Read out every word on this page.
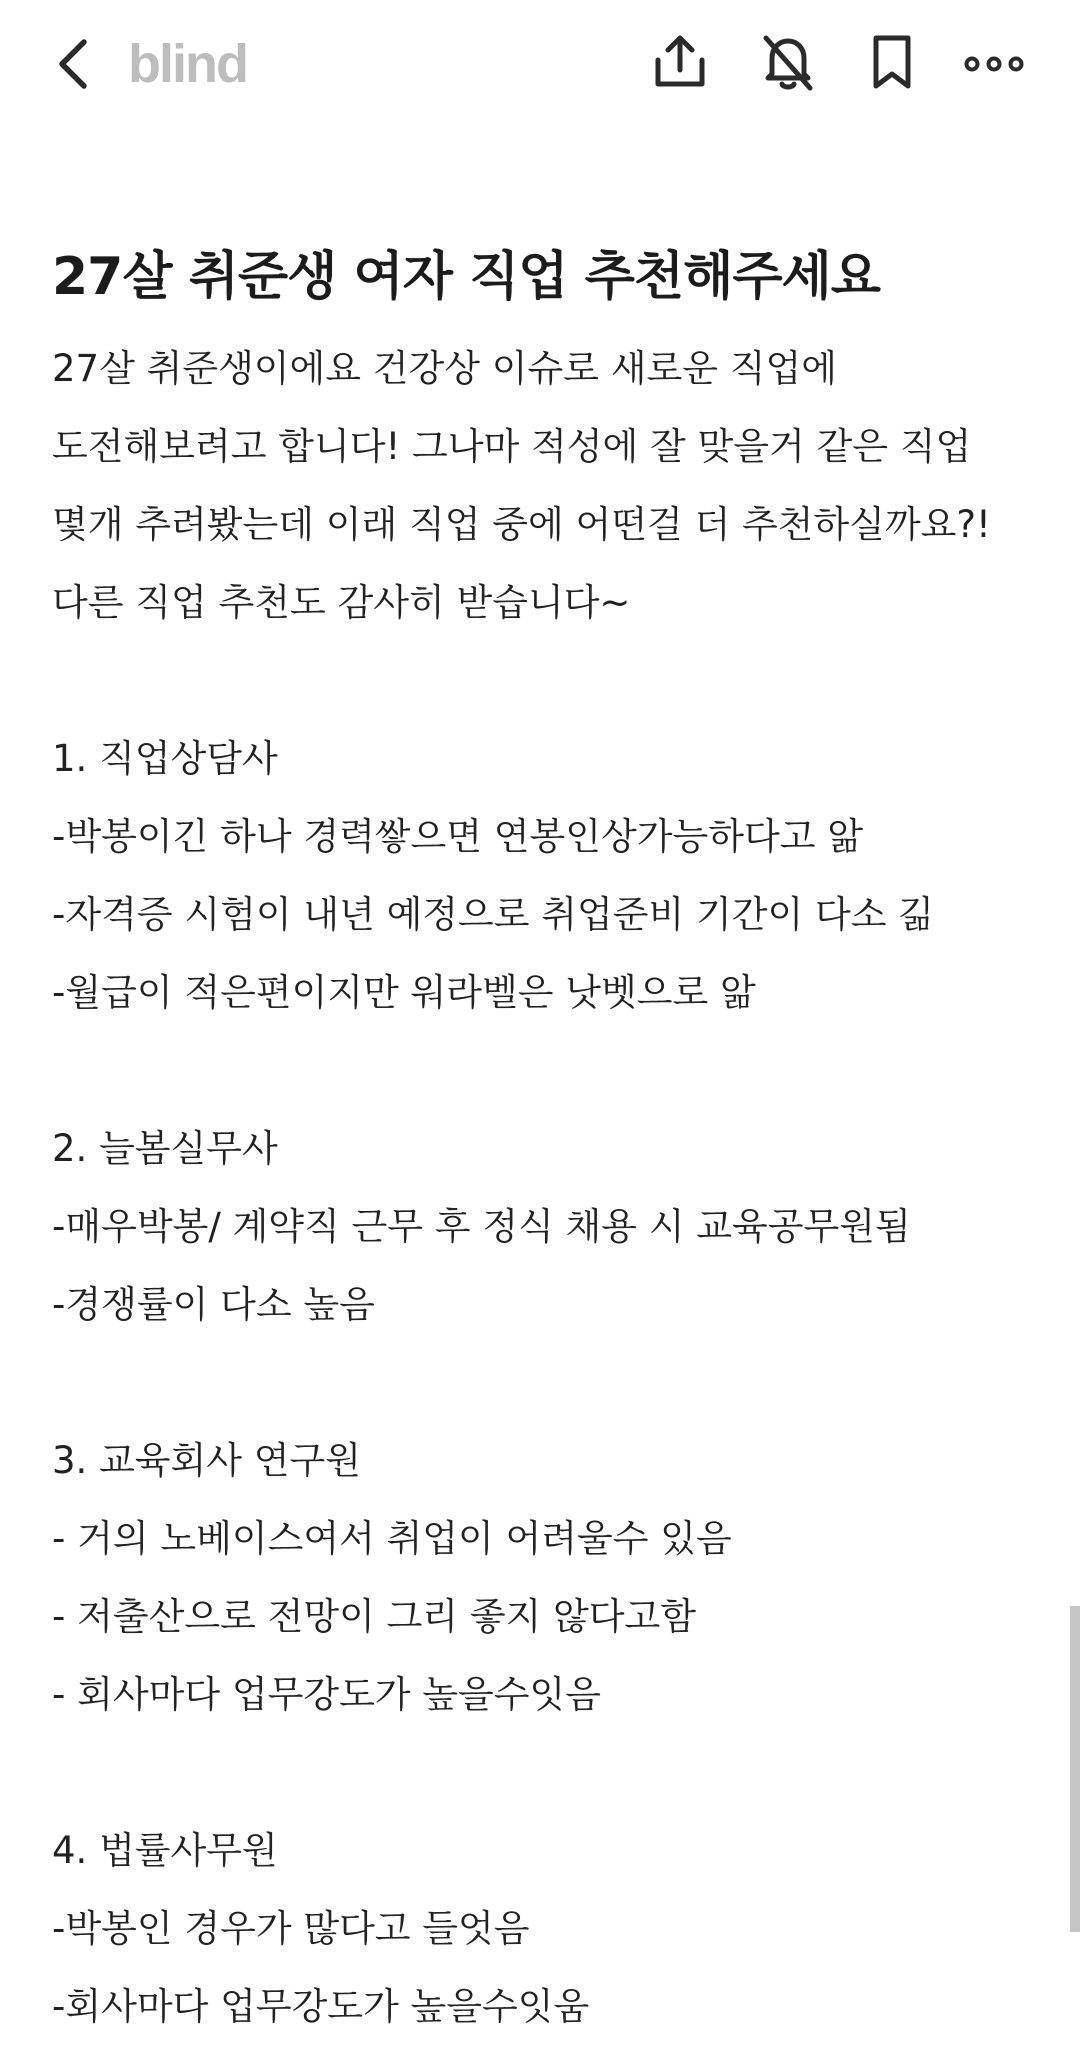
blind
27살 취준생 여자 직업 추천해주세요
27살 취준생이에요 건강상 이슈로 새로운 직업에
도전해보려고 합니다! 그나마 적성에 잘 맞을거 같은 직업
몇개 추려봤는데 이래 직업 중에 어떤걸 더 추천하실까요?!
다른 직업 추천도 감사히 받습니다~
1. 직업상담사
-박봉이긴 하나 경력쌓으면 연봉인상가능하다고 앎
-자격증 시험이 내년 예정으로 취업준비 기간이 다소 긺
-월급이 적은편이지만 워라벨은 낫벳으로 앎
2. 늘봄실무사
-매우박봉/ 계약직 근무 후 정식 채용 시 교육공무원됨
-경쟁률이 다소 높음
3. 교육회사 연구원
- 거의 노베이스여서 취업이 어려울수 있음
- 저출산으로 전망이 그리 좋지 않다고함
- 회사마다 업무강도가 높을수잇음
4. 법률사무원
-박봉인 경우가 많다고 들엇음
-회사마다 업무강도가 높을수잇움
